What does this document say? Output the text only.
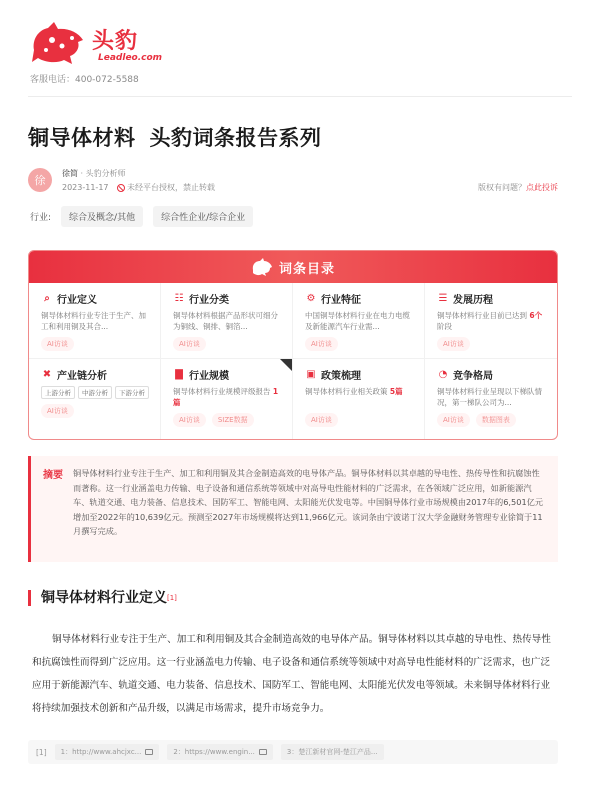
头豹
Leadleo.com
客服电话：400-072-5588
铜导体材料 头豹词条报告系列
徐
徐简 · 头豹分析师
2023-11-17	未经平台授权，禁止转载	版权有问题？点此投诉
行业:	综合及概念/其他	综合性企业/综合企业
词条目录
⌕ 行业定义
铜导体材料行业专注于生产、加工和利用铜及其合...
AI访谈
☷ 行业分类
铜导体材料根据产品形状可细分为铜线、铜排、铜箔...
AI访谈
⚙ 行业特征
中国铜导体材料行业在电力电缆及新能源汽车行业需...
AI访谈
☰ 发展历程
铜导体材料行业目前已达到 6个阶段
AI访谈
✖ 产业链分析
上游分析	中游分析	下游分析
AI访谈
▇ 行业规模
铜导体材料行业规模评级报告 1篇
AI访谈	SIZE数据
▣ 政策梳理
铜导体材料行业相关政策 5篇
AI访谈
◔ 竞争格局
铜导体材料行业呈现以下梯队情况，第一梯队公司为...
AI访谈	数据图表
摘要 铜导体材料行业专注于生产、加工和利用铜及其合金制造高效的电导体产品。铜导体材料以其卓越的导电性、热传导性和抗腐蚀性而著称。这一行业涵盖电力传输、电子设备和通信系统等领域中对高导电性能材料的广泛需求，在各领域广泛应用，如新能源汽车、轨道交通、电力装备、信息技术、国防军工、智能电网、太阳能光伏发电等。中国铜导体行业市场规模由2017年的6,501亿元增加至2022年的10,639亿元。预测至2027年市场规模将达到11,966亿元。该词条由宁波诺丁汉大学金融财务管理专业徐简于11月撰写完成。
铜导体材料行业定义[1]
铜导体材料行业专注于生产、加工和利用铜及其合金制造高效的电导体产品。铜导体材料以其卓越的导电性、热传导性和抗腐蚀性而得到广泛应用。这一行业涵盖电力传输、电子设备和通信系统等领域中对高导电性能材料的广泛需求，也广泛应用于新能源汽车、轨道交通、电力装备、信息技术、国防军工、智能电网、太阳能光伏发电等领域。未来铜导体材料行业将持续加强技术创新和产品升级，以满足市场需求，提升市场竞争力。
[1] 1：http://www.ahcjxc...	2：https://www.engin...	3：楚江新材官网-楚江产品...
